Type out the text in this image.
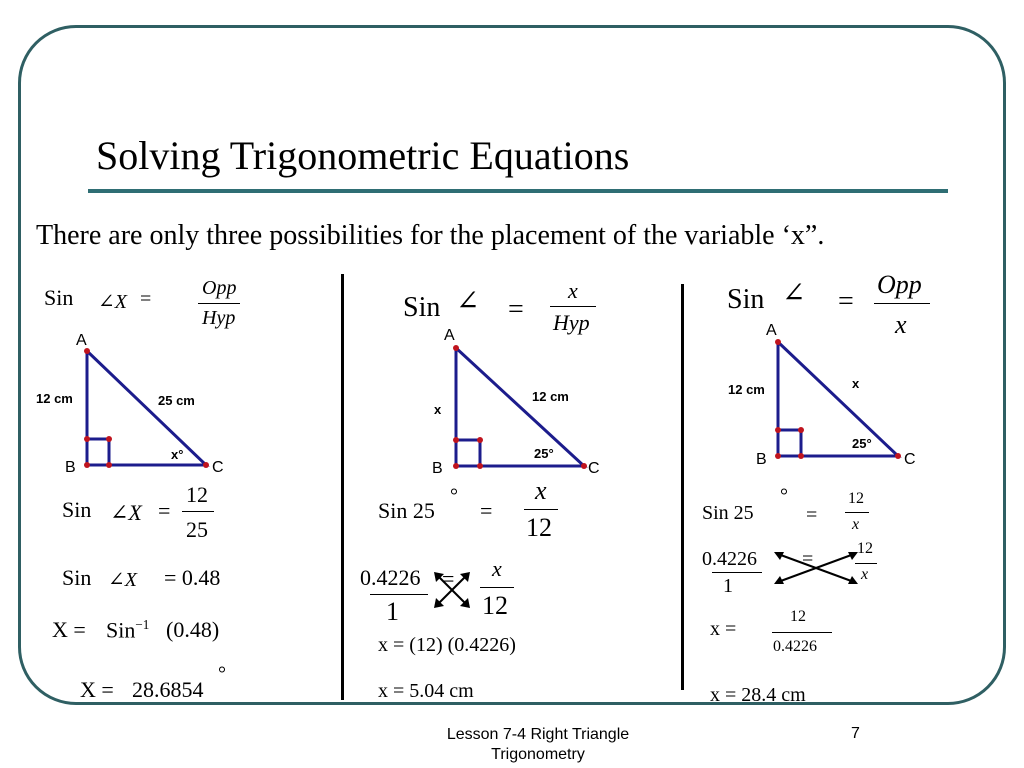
Solving Trigonometric Equations
There are only three possibilities for the placement of the variable ‘x”.
Sin ∠X =	Opp
Hyp
A
B	C
12 cm	25 cm
x°
Sin ∠X =
12
25
Sin ∠X = 0.48
X = Sin$^{-1}$ (0.48)
X = 28.6854
°
Sin ∠ =
x
Hyp
A
B	C
x
12 cm
25°
Sin 25
°
=
x
12
0.4226
1
= x
12
x = (12) (0.4226)
x = 5.04 cm
Sin ∠ =
Opp
x
A
B	C
12 cm	x
25°
Sin 25
°
=
12
x
0.4226
1
=	12
x
x =
12
0.4226
x = 28.4 cm
Lesson 7-4 Right Triangle Trigonometry
7
